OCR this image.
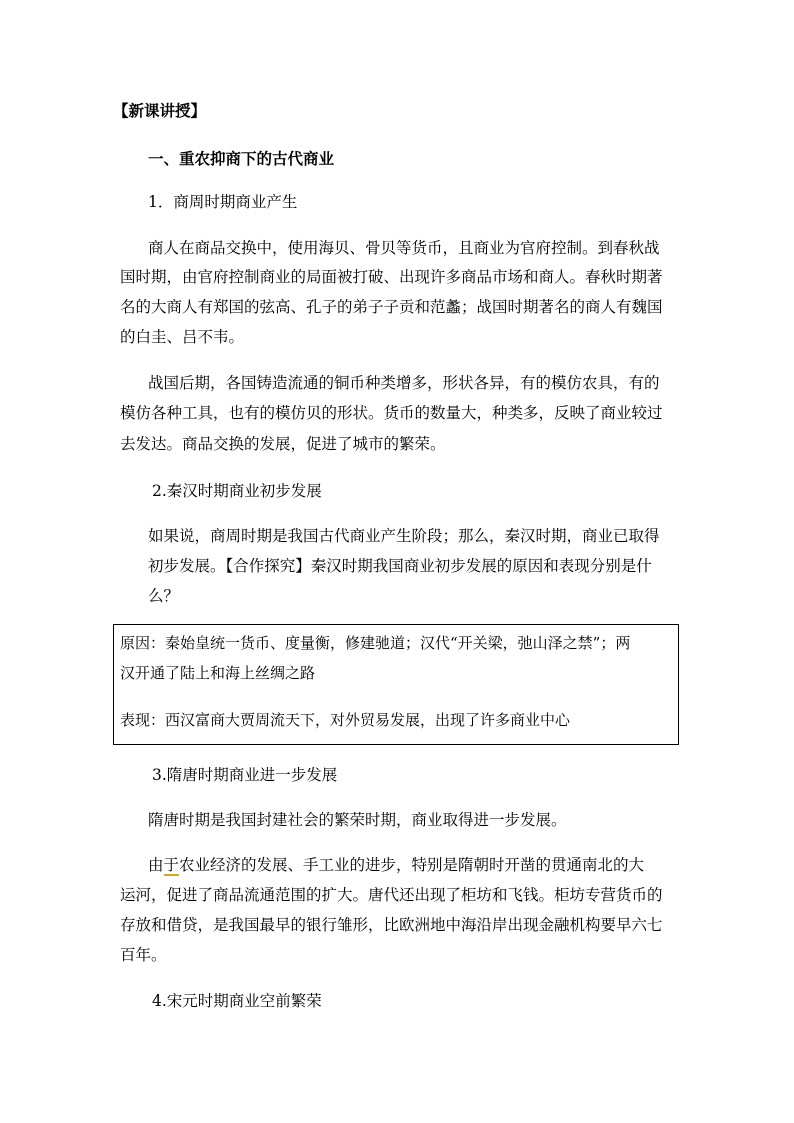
【新课讲授】
一、重农抑商下的古代商业
1．商周时期商业产生
商人在商品交换中，使用海贝、骨贝等货币，且商业为官府控制。到春秋战
国时期，由官府控制商业的局面被打破、出现许多商品市场和商人。春秋时期著
名的大商人有郑国的弦高、孔子的弟子子贡和范蠡；战国时期著名的商人有魏国
的白圭、吕不韦。
战国后期，各国铸造流通的铜币种类增多，形状各异，有的模仿农具，有的
模仿各种工具，也有的模仿贝的形状。货币的数量大，种类多，反映了商业较过
去发达。商品交换的发展，促进了城市的繁荣。
2.秦汉时期商业初步发展
如果说，商周时期是我国古代商业产生阶段；那么，秦汉时期，商业已取得
初步发展。【合作探究】秦汉时期我国商业初步发展的原因和表现分别是什
么？
原因：秦始皇统一货币、度量衡，修建驰道；汉代“开关梁，弛山泽之禁”；两
汉开通了陆上和海上丝绸之路
表现：西汉富商大贾周流天下，对外贸易发展，出现了许多商业中心
3.隋唐时期商业进一步发展
隋唐时期是我国封建社会的繁荣时期，商业取得进一步发展。
由于农业经济的发展、手工业的进步，特别是隋朝时开凿的贯通南北的大
运河，促进了商品流通范围的扩大。唐代还出现了柜坊和飞钱。柜坊专营货币的
存放和借贷，是我国最早的银行雏形，比欧洲地中海沿岸出现金融机构要早六七
百年。
4.宋元时期商业空前繁荣
